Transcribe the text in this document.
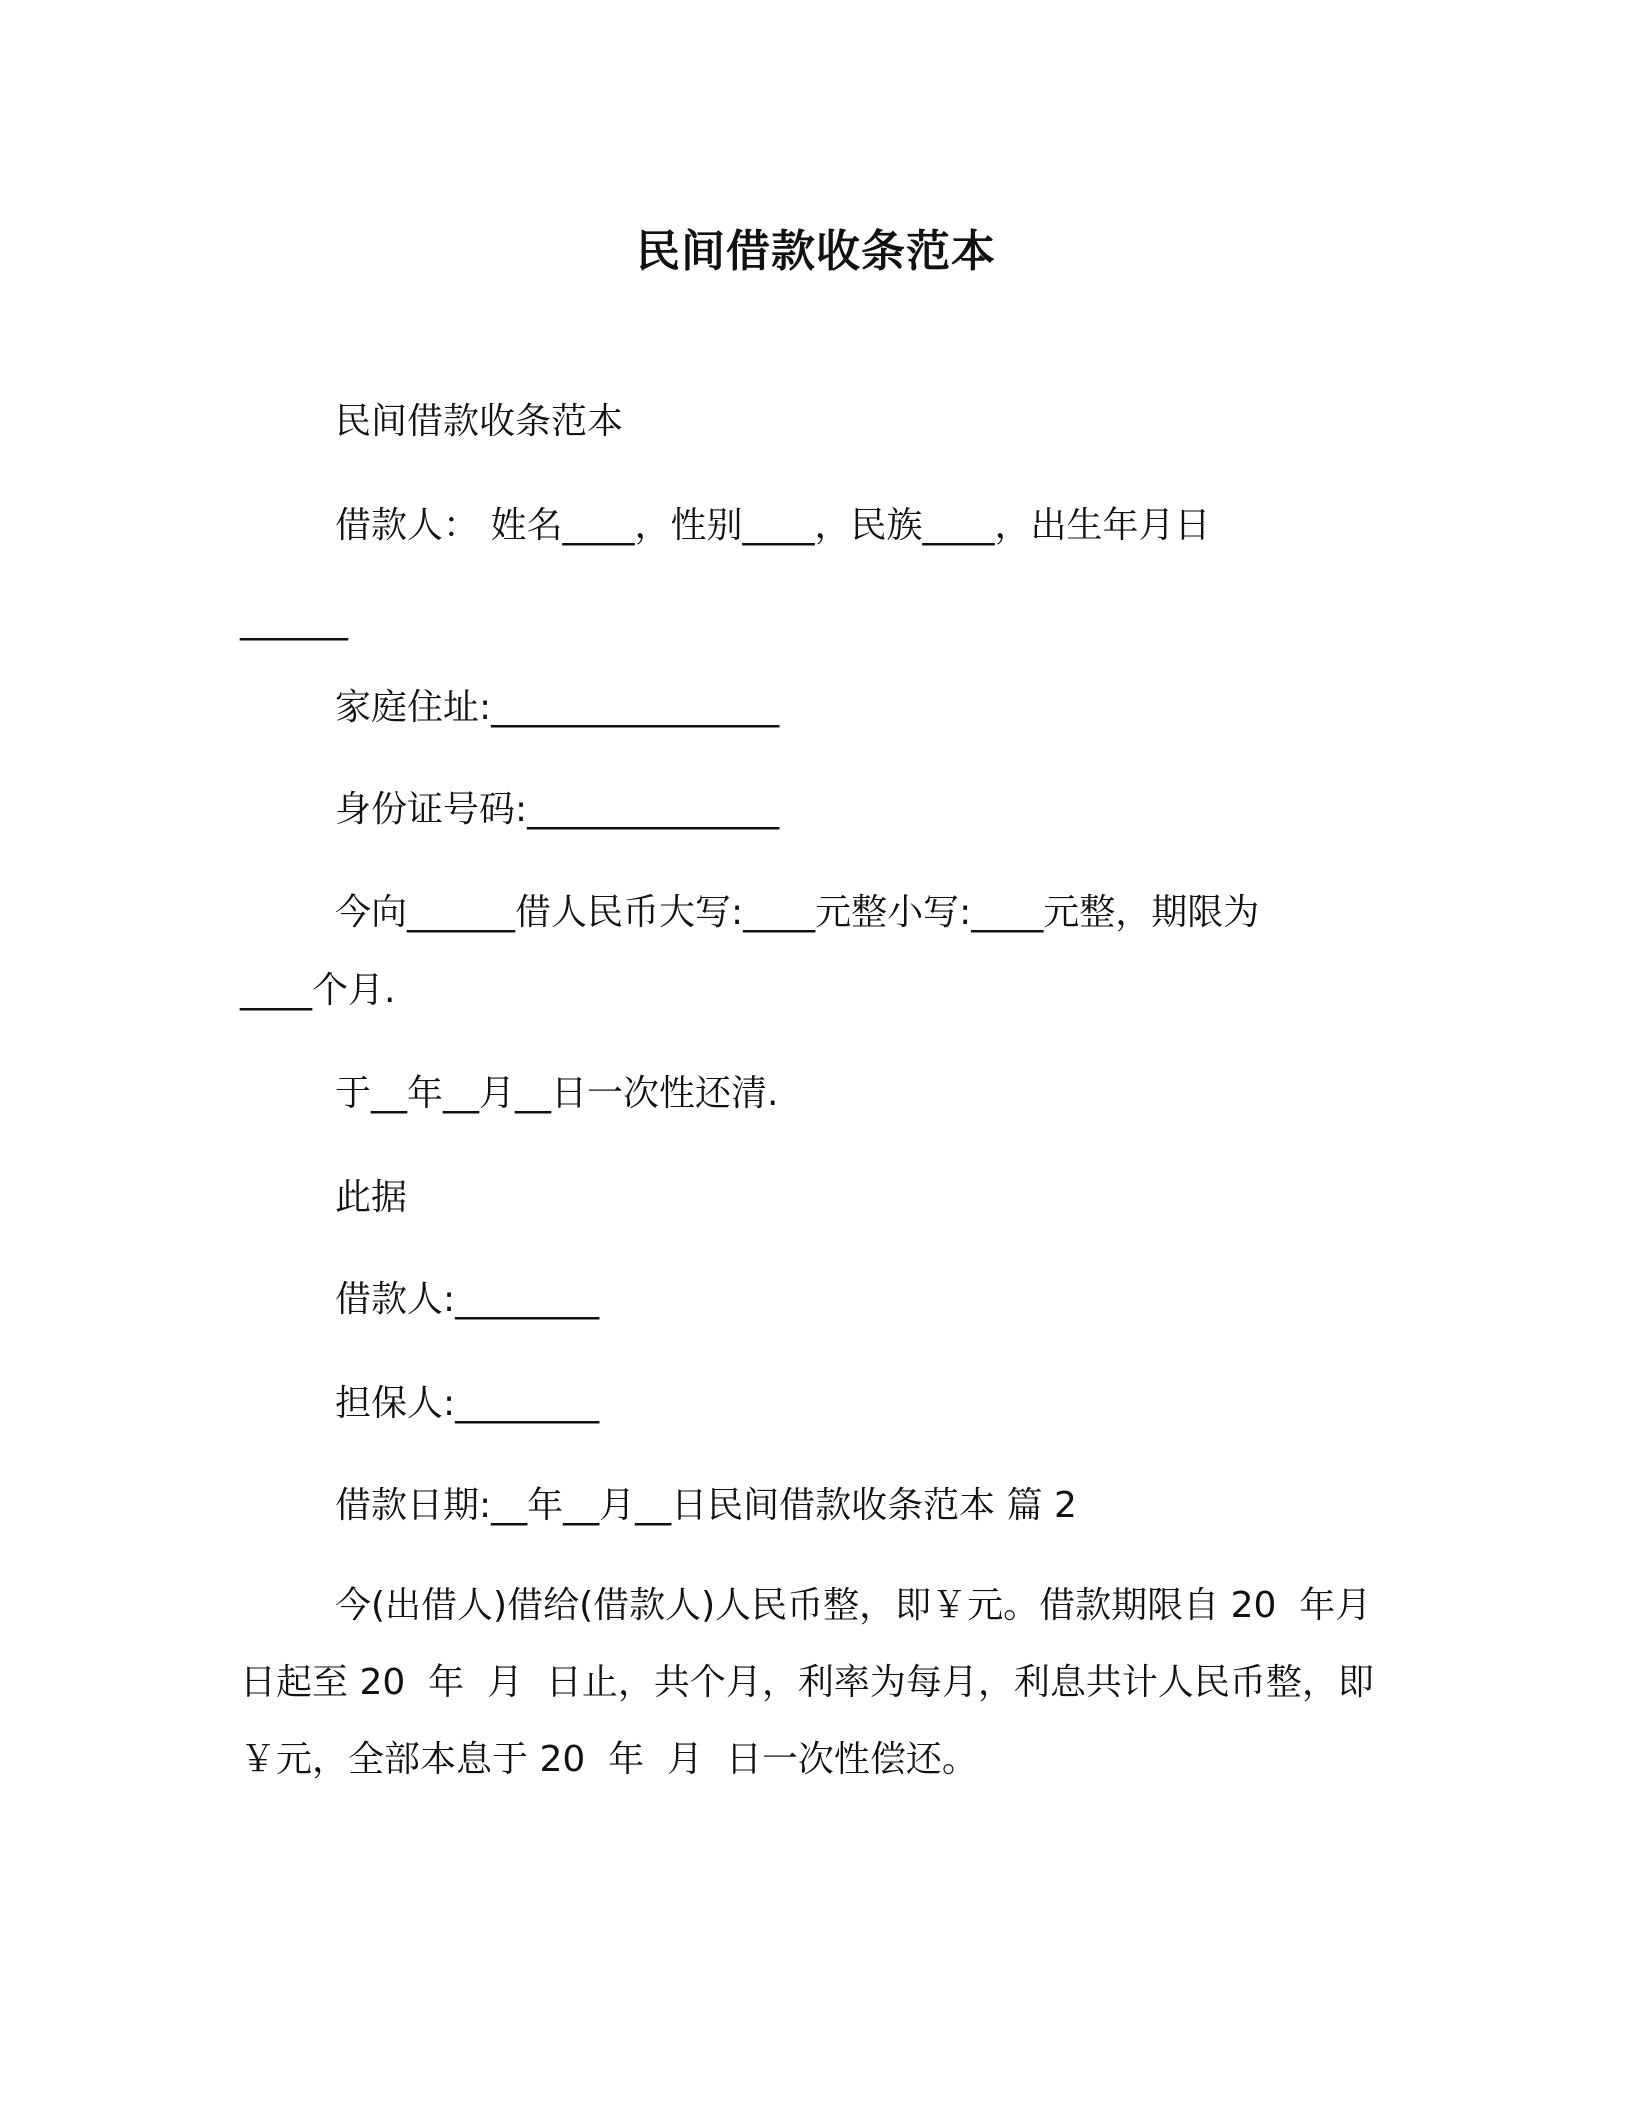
民间借款收条范本

民间借款收条范本

借款人： 姓名____，性别____，民族____，出生年月日

______

家庭住址:________________

身份证号码:______________

今向______借人民币大写:____元整小写:____元整，期限为

____个月.

于__年__月__日一次性还清.

此据

借款人:________

担保人:________

借款日期:__年__月__日民间借款收条范本 篇 2

今(出借人)借给(借款人)人民币整，即￥元。借款期限自 20  年月

日起至 20  年  月  日止，共个月，利率为每月，利息共计人民币整，即

￥元，全部本息于 20  年  月  日一次性偿还。
